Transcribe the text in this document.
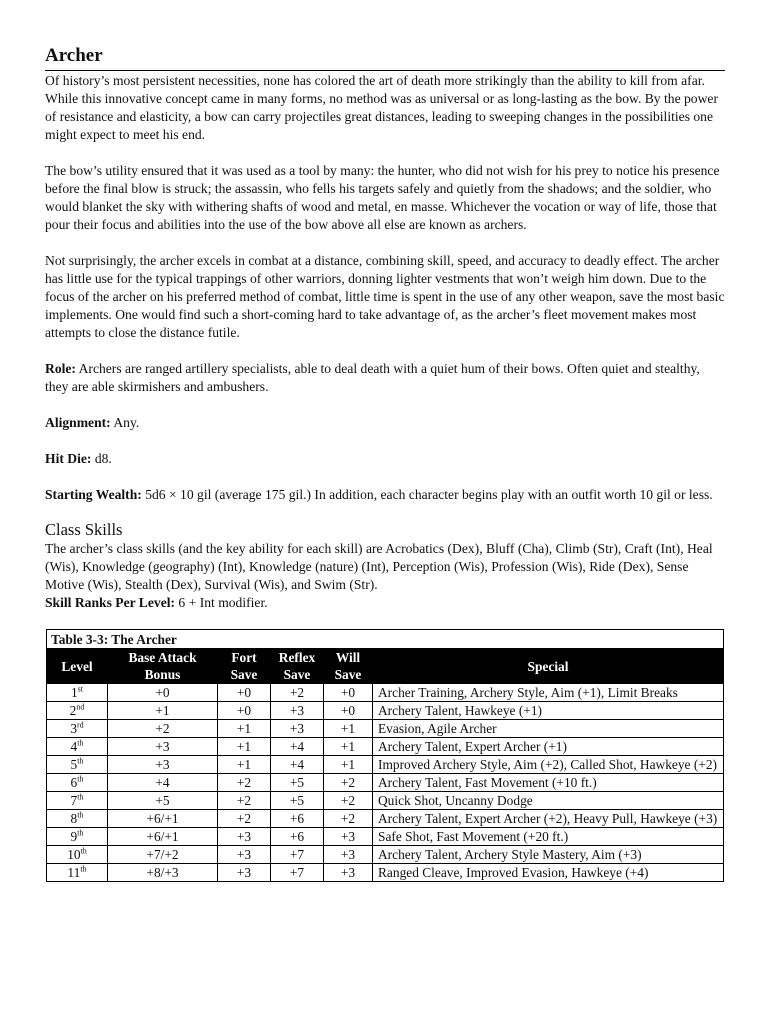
Archer

Of history’s most persistent necessities, none has colored the art of death more strikingly than the ability to kill from afar. While this innovative concept came in many forms, no method was as universal or as long-lasting as the bow. By the power of resistance and elasticity, a bow can carry projectiles great distances, leading to sweeping changes in the possibilities one might expect to meet his end.

The bow’s utility ensured that it was used as a tool by many: the hunter, who did not wish for his prey to notice his presence before the final blow is struck; the assassin, who fells his targets safely and quietly from the shadows; and the soldier, who would blanket the sky with withering shafts of wood and metal, en masse. Whichever the vocation or way of life, those that pour their focus and abilities into the use of the bow above all else are known as archers.

Not surprisingly, the archer excels in combat at a distance, combining skill, speed, and accuracy to deadly effect. The archer has little use for the typical trappings of other warriors, donning lighter vestments that won’t weigh him down. Due to the focus of the archer on his preferred method of combat, little time is spent in the use of any other weapon, save the most basic implements. One would find such a short-coming hard to take advantage of, as the archer’s fleet movement makes most attempts to close the distance futile.

Role: Archers are ranged artillery specialists, able to deal death with a quiet hum of their bows. Often quiet and stealthy, they are able skirmishers and ambushers.

Alignment: Any.

Hit Die: d8.

Starting Wealth: 5d6 × 10 gil (average 175 gil.) In addition, each character begins play with an outfit worth 10 gil or less.

Class Skills

The archer’s class skills (and the key ability for each skill) are Acrobatics (Dex), Bluff (Cha), Climb (Str), Craft (Int), Heal (Wis), Knowledge (geography) (Int), Knowledge (nature) (Int), Perception (Wis), Profession (Wis), Ride (Dex), Sense Motive (Wis), Stealth (Dex), Survival (Wis), and Swim (Str).

Skill Ranks Per Level: 6 + Int modifier.

Table 3-3: The Archer					
Level	Base Attack Bonus	Fort Save	Reflex Save	Will Save	Special
1st	+0	+0	+2	+0	Archer Training, Archery Style, Aim (+1), Limit Breaks
2nd	+1	+0	+3	+0	Archery Talent, Hawkeye (+1)
3rd	+2	+1	+3	+1	Evasion, Agile Archer
4th	+3	+1	+4	+1	Archery Talent, Expert Archer (+1)
5th	+3	+1	+4	+1	Improved Archery Style, Aim (+2), Called Shot, Hawkeye (+2)
6th	+4	+2	+5	+2	Archery Talent, Fast Movement (+10 ft.)
7th	+5	+2	+5	+2	Quick Shot, Uncanny Dodge
8th	+6/+1	+2	+6	+2	Archery Talent, Expert Archer (+2), Heavy Pull, Hawkeye (+3)
9th	+6/+1	+3	+6	+3	Safe Shot, Fast Movement (+20 ft.)
10th	+7/+2	+3	+7	+3	Archery Talent, Archery Style Mastery, Aim (+3)
11th	+8/+3	+3	+7	+3	Ranged Cleave, Improved Evasion, Hawkeye (+4)
